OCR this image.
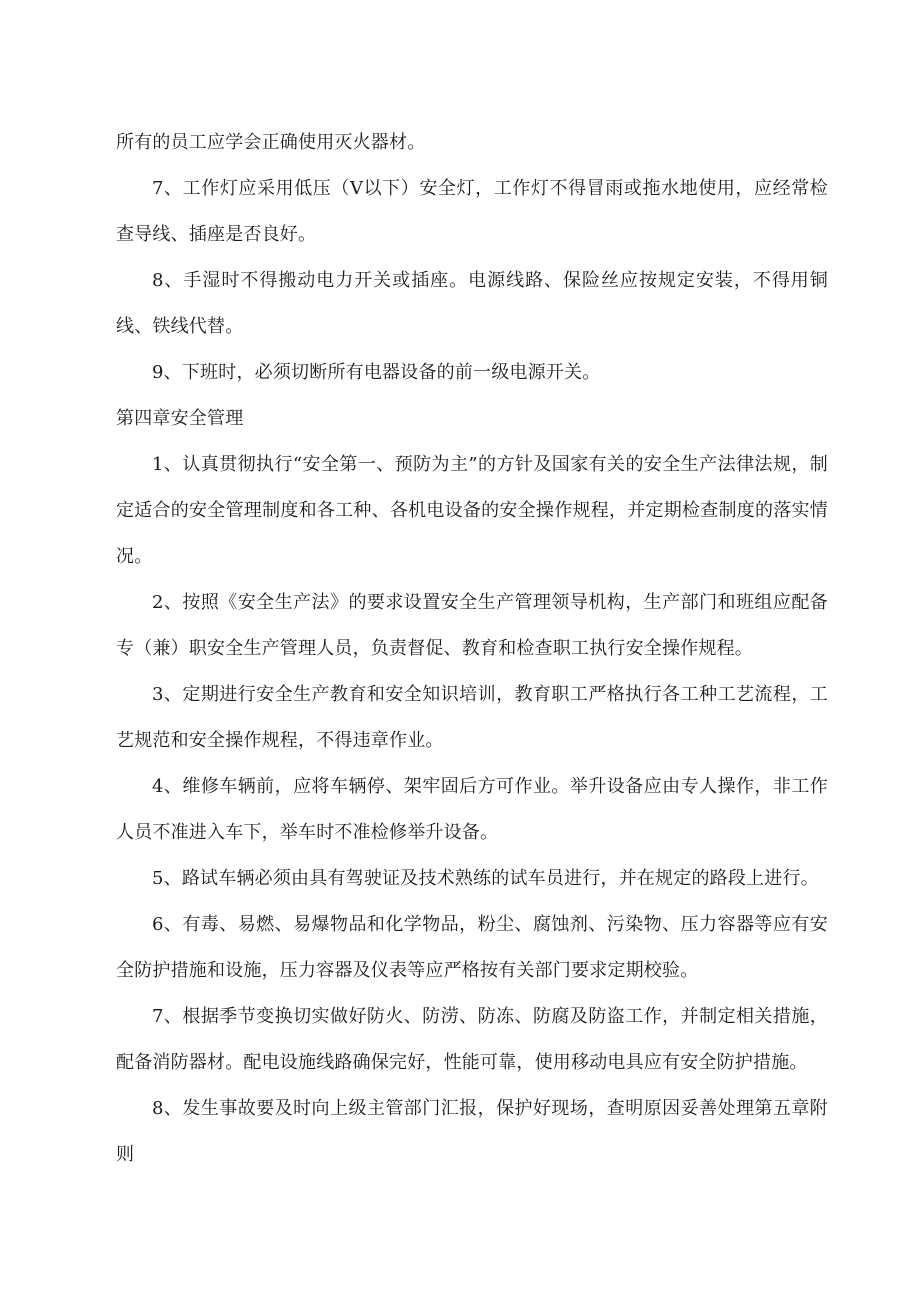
所有的员工应学会正确使用灭火器材。

7、工作灯应采用低压（V以下）安全灯，工作灯不得冒雨或拖水地使用，应经常检查导线、插座是否良好。

8、手湿时不得搬动电力开关或插座。电源线路、保险丝应按规定安装，不得用铜线、铁线代替。

9、下班时，必须切断所有电器设备的前一级电源开关。

第四章安全管理

1、认真贯彻执行“安全第一、预防为主”的方针及国家有关的安全生产法律法规，制定适合的安全管理制度和各工种、各机电设备的安全操作规程，并定期检查制度的落实情况。

2、按照《安全生产法》的要求设置安全生产管理领导机构，生产部门和班组应配备专（兼）职安全生产管理人员，负责督促、教育和检查职工执行安全操作规程。

3、定期进行安全生产教育和安全知识培训，教育职工严格执行各工种工艺流程，工艺规范和安全操作规程，不得违章作业。

4、维修车辆前，应将车辆停、架牢固后方可作业。举升设备应由专人操作，非工作人员不准进入车下，举车时不准检修举升设备。

5、路试车辆必须由具有驾驶证及技术熟练的试车员进行，并在规定的路段上进行。

6、有毒、易燃、易爆物品和化学物品，粉尘、腐蚀剂、污染物、压力容器等应有安全防护措施和设施，压力容器及仪表等应严格按有关部门要求定期校验。

7、根据季节变换切实做好防火、防涝、防冻、防腐及防盗工作，并制定相关措施，配备消防器材。配电设施线路确保完好，性能可靠，使用移动电具应有安全防护措施。

8、发生事故要及时向上级主管部门汇报，保护好现场，查明原因妥善处理第五章附则
